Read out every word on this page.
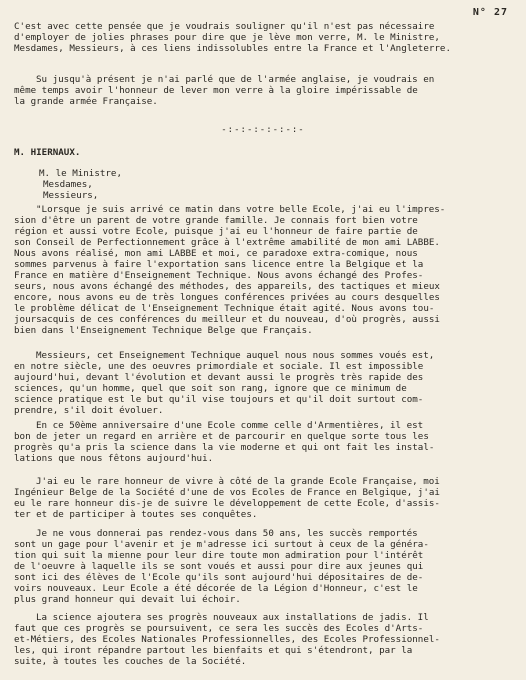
N° 27
C'est avec cette pensée que je voudrais souligner qu'il n'est pas nécessaire
d'employer de jolies phrases pour dire que je lève mon verre, M. le Ministre,
Mesdames, Messieurs, à ces liens indissolubles entre la France et l'Angleterre.
Su jusqu'à présent je n'ai parlé que de l'armée anglaise, je voudrais en
même temps avoir l'honneur de lever mon verre à la gloire impérissable de
la grande armée Française.
-:-:-:-:-:-:-
M. HIERNAUX.
M. le Ministre,
Mesdames,
Messieurs,
"Lorsque je suis arrivé ce matin dans votre belle Ecole, j'ai eu l'impres-
sion d'être un parent de votre grande famille. Je connais fort bien votre
région et aussi votre Ecole, puisque j'ai eu l'honneur de faire partie de
son Conseil de Perfectionnement grâce à l'extrême amabilité de mon ami LABBE.
Nous avons réalisé, mon ami LABBE et moi, ce paradoxe extra-comique, nous
sommes parvenus à faire l'exportation sans licence entre la Belgique et la
France en matière d'Enseignement Technique. Nous avons échangé des Profes-
seurs, nous avons échangé des méthodes, des appareils, des tactiques et mieux
encore, nous avons eu de très longues conférences privées au cours desquelles
le problème délicat de l'Enseignement Technique était agité. Nous avons tou-
joursacquis de ces conférences du meilleur et du nouveau, d'où progrès, aussi
bien dans l'Enseignement Technique Belge que Français.
Messieurs, cet Enseignement Technique auquel nous nous sommes voués est,
en notre siècle, une des oeuvres primordiale et sociale. Il est impossible
aujourd'hui, devant l'évolution et devant aussi le progrès très rapide des
sciences, qu'un homme, quel que soit son rang, ignore que ce minimum de
science pratique est le but qu'il vise toujours et qu'il doit surtout com-
prendre, s'il doit évoluer.
En ce 50ème anniversaire d'une Ecole comme celle d'Armentières, il est
bon de jeter un regard en arrière et de parcourir en quelque sorte tous les
progrès qu'a pris la science dans la vie moderne et qui ont fait les instal-
lations que nous fêtons aujourd'hui.
J'ai eu le rare honneur de vivre à côté de la grande Ecole Française, moi
Ingénieur Belge de la Société d'une de vos Ecoles de France en Belgique, j'ai
eu le rare honneur dis-je de suivre le développement de cette Ecole, d'assis-
ter et de participer à toutes ses conquêtes.
Je ne vous donnerai pas rendez-vous dans 50 ans, les succès remportés
sont un gage pour l'avenir et je m'adresse ici surtout à ceux de la généra-
tion qui suit la mienne pour leur dire toute mon admiration pour l'intérêt
de l'oeuvre à laquelle ils se sont voués et aussi pour dire aux jeunes qui
sont ici des élèves de l'Ecole qu'ils sont aujourd'hui dépositaires de de-
voirs nouveaux. Leur Ecole a été décorée de la Légion d'Honneur, c'est le
plus grand honneur qui devait lui échoir.
La science ajoutera ses progrès nouveaux aux installations de jadis. Il
faut que ces progrès se poursuivent, ce sera les succès des Ecoles d'Arts-
et-Métiers, des Ecoles Nationales Professionnelles, des Ecoles Professionnel-
les, qui iront répandre partout les bienfaits et qui s'étendront, par la
suite, à toutes les couches de la Société.
